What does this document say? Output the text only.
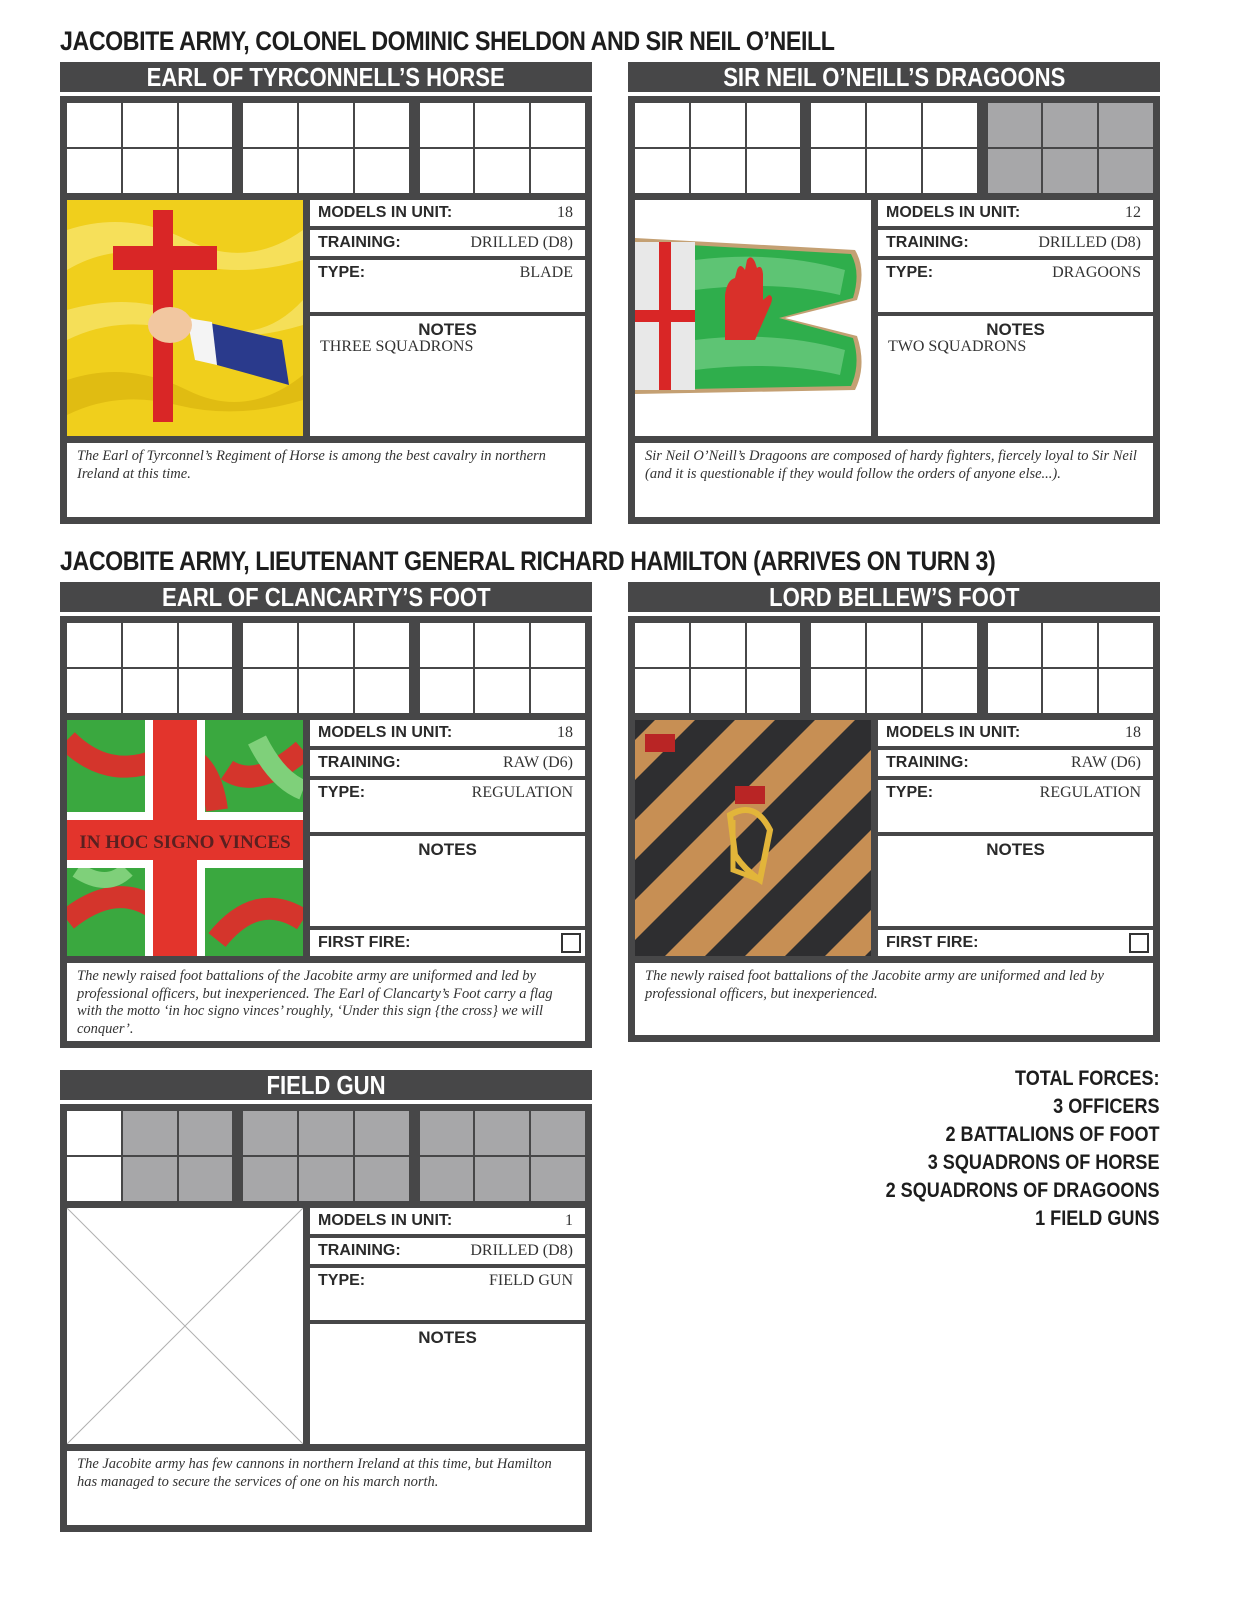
JACOBITE ARMY, COLONEL DOMINIC SHELDON AND SIR NEIL O’NEILL
EARL OF TYRCONNELL’S HORSE
MODELS IN UNIT:	18
TRAINING:	DRILLED (D8)
TYPE:	BLADE
NOTES
THREE SQUADRONS
The Earl of Tyrconnel’s Regiment of Horse is among the best cavalry in northern Ireland at this time.
SIR NEIL O’NEILL’S DRAGOONS
MODELS IN UNIT:	12
TRAINING:	DRILLED (D8)
TYPE:	DRAGOONS
NOTES
TWO SQUADRONS
Sir Neil O’Neill’s Dragoons are composed of hardy fighters, fiercely loyal to Sir Neil (and it is questionable if they would follow the orders of anyone else...).
JACOBITE ARMY, LIEUTENANT GENERAL RICHARD HAMILTON (ARRIVES ON TURN 3)
EARL OF CLANCARTY’S FOOT
IN HOC SIGNO VINCES
MODELS IN UNIT:	18
TRAINING:	RAW (D6)
TYPE:	REGULATION
NOTES
FIRST FIRE:
The newly raised foot battalions of the Jacobite army are uniformed and led by professional officers, but inexperienced. The Earl of Clancarty’s Foot carry a flag with the motto ‘in hoc signo vinces’ roughly, ‘Under this sign {the cross} we will conquer’.
LORD BELLEW’S FOOT
MODELS IN UNIT:	18
TRAINING:	RAW (D6)
TYPE:	REGULATION
NOTES
FIRST FIRE:
The newly raised foot battalions of the Jacobite army are uniformed and led by professional officers, but inexperienced.
FIELD GUN
MODELS IN UNIT:	1
TRAINING:	DRILLED (D8)
TYPE:	FIELD GUN
NOTES
The Jacobite army has few cannons in northern Ireland at this time, but Hamilton has managed to secure the services of one on his march north.
TOTAL FORCES:
3 OFFICERS
2 BATTALIONS OF FOOT
3 SQUADRONS OF HORSE
2 SQUADRONS OF DRAGOONS
1 FIELD GUNS
